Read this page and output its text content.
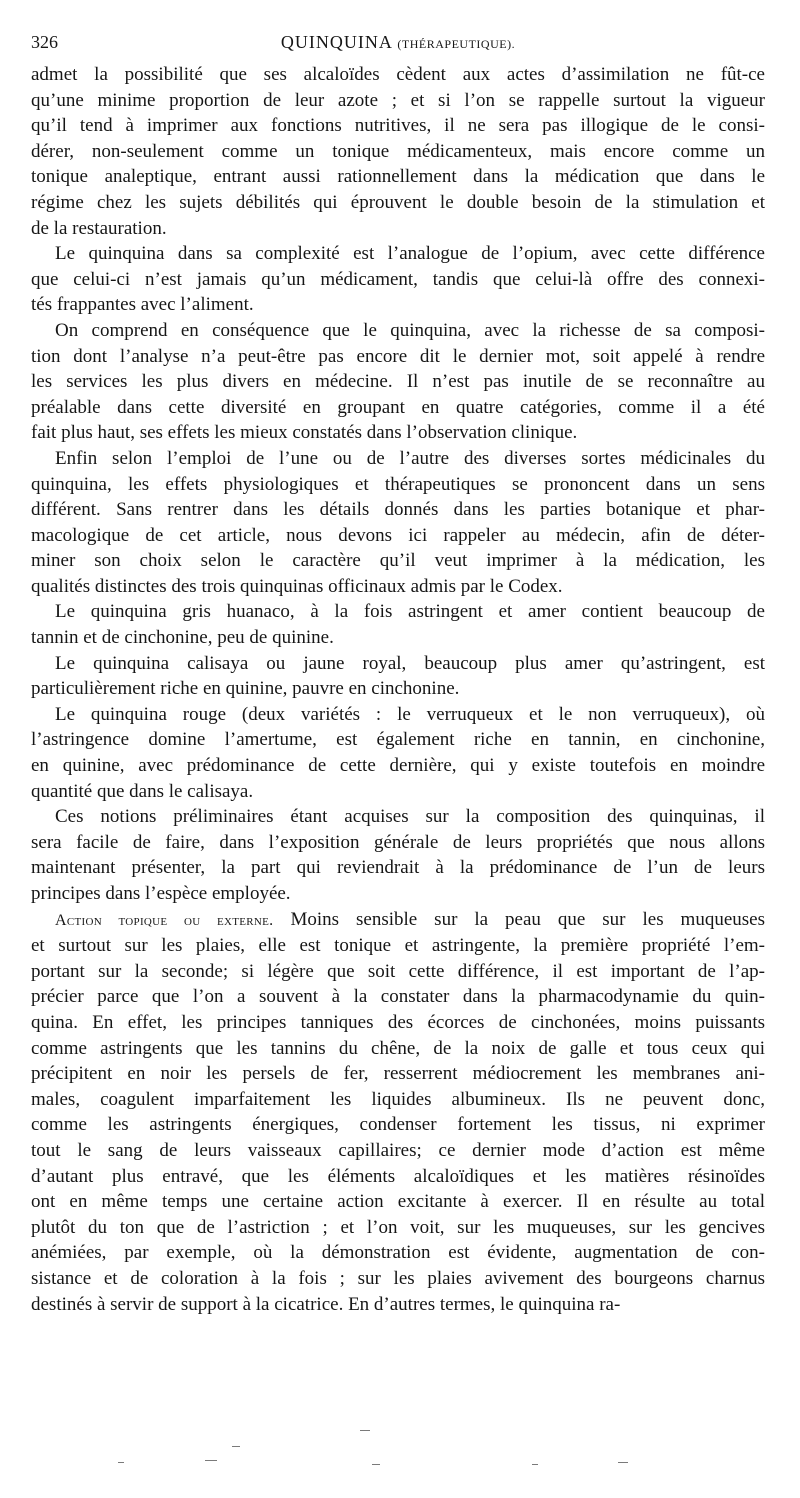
326	QUINQUINA (THÉRAPEUTIQUE).
admet la possibilité que ses alcaloïdes cèdent aux actes d’assimilation ne fût-ce
qu’une minime proportion de leur azote ; et si l’on se rappelle surtout la vigueur
qu’il tend à imprimer aux fonctions nutritives, il ne sera pas illogique de le consi-
dérer, non-seulement comme un tonique médicamenteux, mais encore comme un
tonique analeptique, entrant aussi rationnellement dans la médication que dans le
régime chez les sujets débilités qui éprouvent le double besoin de la stimulation et
de la restauration.
Le quinquina dans sa complexité est l’analogue de l’opium, avec cette différence
que celui-ci n’est jamais qu’un médicament, tandis que celui-là offre des connexi-
tés frappantes avec l’aliment.
On comprend en conséquence que le quinquina, avec la richesse de sa composi-
tion dont l’analyse n’a peut-être pas encore dit le dernier mot, soit appelé à rendre
les services les plus divers en médecine. Il n’est pas inutile de se reconnaître au
préalable dans cette diversité en groupant en quatre catégories, comme il a été
fait plus haut, ses effets les mieux constatés dans l’observation clinique.
Enfin selon l’emploi de l’une ou de l’autre des diverses sortes médicinales du
quinquina, les effets physiologiques et thérapeutiques se prononcent dans un sens
différent. Sans rentrer dans les détails donnés dans les parties botanique et phar-
macologique de cet article, nous devons ici rappeler au médecin, afin de déter-
miner son choix selon le caractère qu’il veut imprimer à la médication, les
qualités distinctes des trois quinquinas officinaux admis par le Codex.
Le quinquina gris huanaco, à la fois astringent et amer contient beaucoup de
tannin et de cinchonine, peu de quinine.
Le quinquina calisaya ou jaune royal, beaucoup plus amer qu’astringent, est
particulièrement riche en quinine, pauvre en cinchonine.
Le quinquina rouge (deux variétés : le verruqueux et le non verruqueux), où
l’astringence domine l’amertume, est également riche en tannin, en cinchonine,
en quinine, avec prédominance de cette dernière, qui y existe toutefois en moindre
quantité que dans le calisaya.
Ces notions préliminaires étant acquises sur la composition des quinquinas, il
sera facile de faire, dans l’exposition générale de leurs propriétés que nous allons
maintenant présenter, la part qui reviendrait à la prédominance de l’un de leurs
principes dans l’espèce employée.
Action topique ou externe. Moins sensible sur la peau que sur les muqueuses
et surtout sur les plaies, elle est tonique et astringente, la première propriété l’em-
portant sur la seconde; si légère que soit cette différence, il est important de l’ap-
précier parce que l’on a souvent à la constater dans la pharmacodynamie du quin-
quina. En effet, les principes tanniques des écorces de cinchonées, moins puissants
comme astringents que les tannins du chêne, de la noix de galle et tous ceux qui
précipitent en noir les persels de fer, resserrent médiocrement les membranes ani-
males, coagulent imparfaitement les liquides albumineux. Ils ne peuvent donc,
comme les astringents énergiques, condenser fortement les tissus, ni exprimer
tout le sang de leurs vaisseaux capillaires; ce dernier mode d’action est même
d’autant plus entravé, que les éléments alcaloïdiques et les matières résinoïdes
ont en même temps une certaine action excitante à exercer. Il en résulte au total
plutôt du ton que de l’astriction ; et l’on voit, sur les muqueuses, sur les gencives
anémiées, par exemple, où la démonstration est évidente, augmentation de con-
sistance et de coloration à la fois ; sur les plaies avivement des bourgeons charnus
destinés à servir de support à la cicatrice. En d’autres termes, le quinquina ra-
